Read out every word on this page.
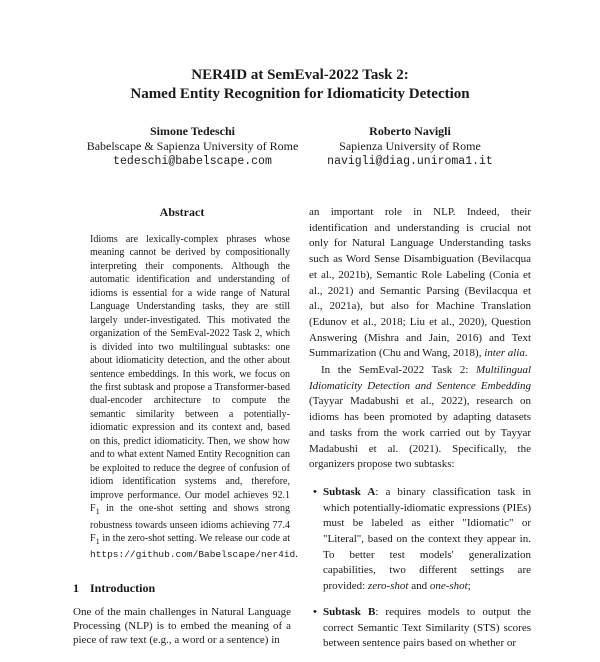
NER4ID at SemEval-2022 Task 2:
Named Entity Recognition for Idiomaticity Detection
Simone Tedeschi
Babelscape & Sapienza University of Rome
tedeschi@babelscape.com
Roberto Navigli
Sapienza University of Rome
navigli@diag.uniroma1.it
Abstract

Idioms are lexically-complex phrases whose meaning cannot be derived by compositionally interpreting their components. Although the automatic identification and understanding of idioms is essential for a wide range of Natural Language Understanding tasks, they are still largely under-investigated. This motivated the organization of the SemEval-2022 Task 2, which is divided into two multilingual subtasks: one about idiomaticity detection, and the other about sentence embeddings. In this work, we focus on the first subtask and propose a Transformer-based dual-encoder architecture to compute the semantic similarity between a potentially-idiomatic expression and its context and, based on this, predict idiomaticity. Then, we show how and to what extent Named Entity Recognition can be exploited to reduce the degree of confusion of idiom identification systems and, therefore, improve performance. Our model achieves 92.1 $F_1$ in the one-shot setting and shows strong robustness towards unseen idioms achieving 77.4 $F_1$ in the zero-shot setting. We release our code at https://github.com/Babelscape/ner4id.

1 Introduction

One of the main challenges in Natural Language Processing (NLP) is to embed the meaning of a piece of raw text (e.g., a word or a sentence) in

an important role in NLP. Indeed, their identification and understanding is crucial not only for Natural Language Understanding tasks such as Word Sense Disambiguation (Bevilacqua et al., 2021b), Semantic Role Labeling (Conia et al., 2021) and Semantic Parsing (Bevilacqua et al., 2021a), but also for Machine Translation (Edunov et al., 2018; Liu et al., 2020), Question Answering (Mishra and Jain, 2016) and Text Summarization (Chu and Wang, 2018), inter alia.

In the SemEval-2022 Task 2: Multilingual Idiomaticity Detection and Sentence Embedding (Tayyar Madabushi et al., 2022), research on idioms has been promoted by adapting datasets and tasks from the work carried out by Tayyar Madabushi et al. (2021). Specifically, the organizers propose two subtasks:

• Subtask A: a binary classification task in which potentially-idiomatic expressions (PIEs) must be labeled as either "Idiomatic" or "Literal", based on the context they appear in. To better test models' generalization capabilities, two different settings are provided: zero-shot and one-shot;
• Subtask B: requires models to output the correct Semantic Text Similarity (STS) scores between sentence pairs based on whether or
